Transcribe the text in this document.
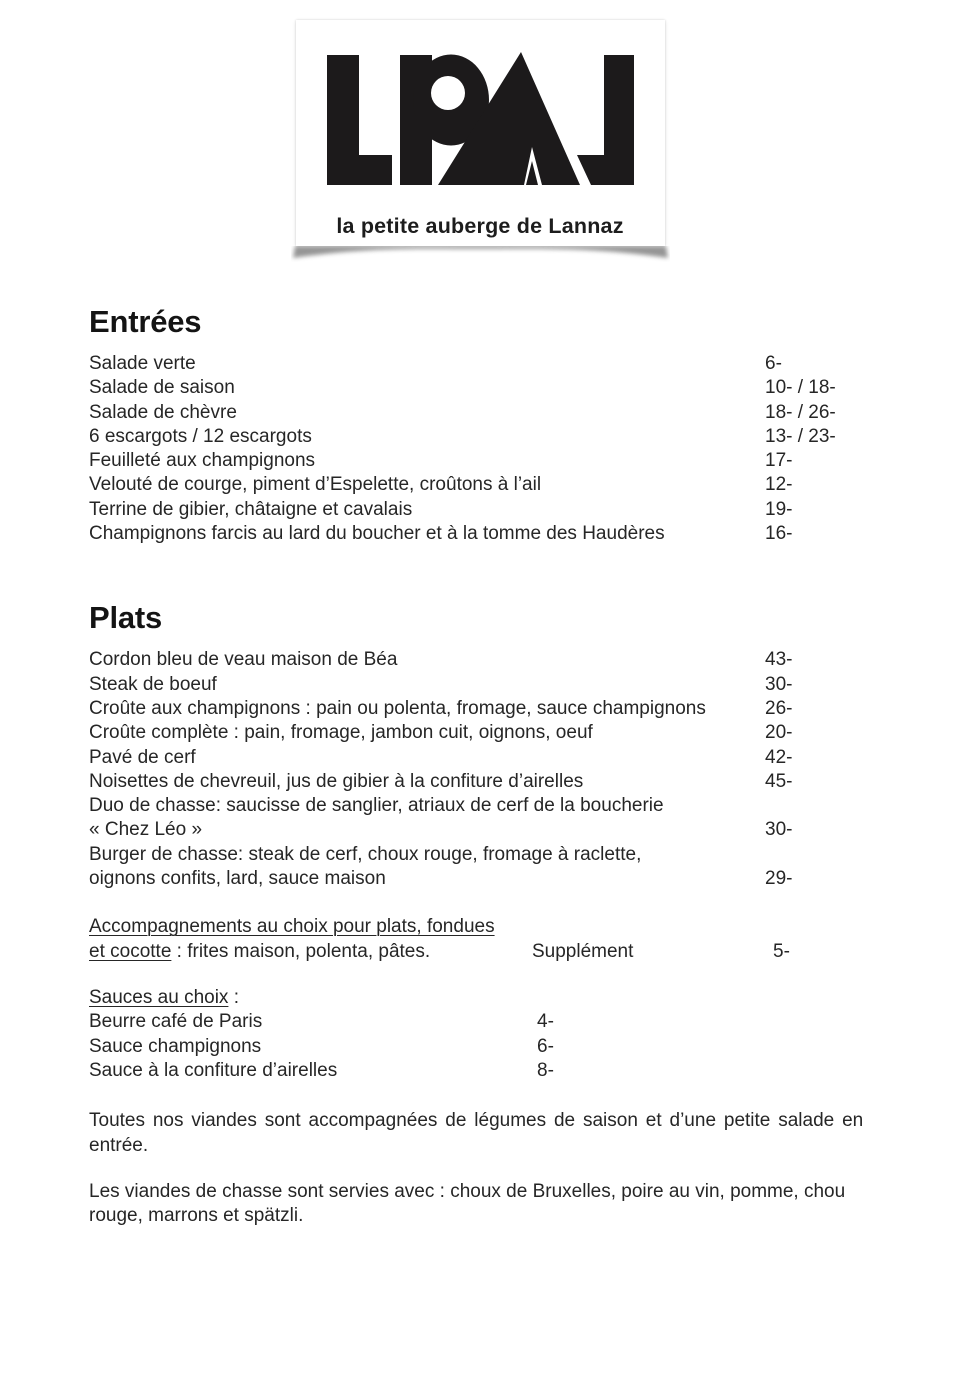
la petite auberge de Lannaz
Entrées
Salade verte	6-
Salade de saison	10- / 18-
Salade de chèvre	18- / 26-
6 escargots / 12 escargots	13- / 23-
Feuilleté aux champignons	17-
Velouté de courge, piment d’Espelette, croûtons à l’ail	12-
Terrine de gibier, châtaigne et cavalais	19-
Champignons farcis au lard du boucher et à la tomme des Haudères	16-
Plats
Cordon bleu de veau maison de Béa	43-
Steak de boeuf	30-
Croûte aux champignons : pain ou polenta, fromage, sauce champignons	26-
Croûte complète : pain, fromage, jambon cuit, oignons, oeuf	20-
Pavé de cerf	42-
Noisettes de chevreuil, jus de gibier à la confiture d’airelles	45-
Duo de chasse: saucisse de sanglier, atriaux de cerf de la boucherie
« Chez Léo »	30-
Burger de chasse: steak de cerf, choux rouge, fromage à raclette,
oignons confits, lard, sauce maison	29-
Accompagnements au choix pour plats, fondues
et cocotte : frites maison, polenta, pâtes.	Supplément	5-
Sauces au choix :
Beurre café de Paris	4-
Sauce champignons	6-
Sauce à la confiture d’airelles	8-
Toutes nos viandes sont accompagnées de légumes de saison et d’une petite salade en
entrée.
Les viandes de chasse sont servies avec : choux de Bruxelles, poire au vin, pomme, chou
rouge, marrons et spätzli.
